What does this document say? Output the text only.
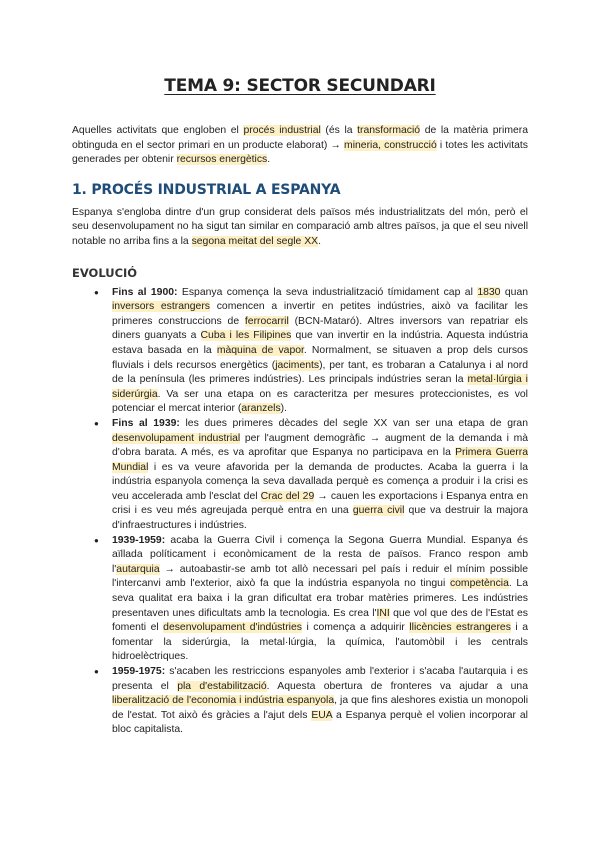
TEMA 9: SECTOR SECUNDARI

Aquelles activitats que engloben el procés industrial (és la transformació de la matèria primera obtinguda en el sector primari en un producte elaborat) → mineria, construcció i totes les activitats generades per obtenir recursos energètics.

1. PROCÉS INDUSTRIAL A ESPANYA

Espanya s'engloba dintre d'un grup considerat dels països més industrialitzats del món, però el seu desenvolupament no ha sigut tan similar en comparació amb altres països, ja que el seu nivell notable no arriba fins a la segona meitat del segle XX.

EVOLUCIÓ
● Fins al 1900: Espanya comença la seva industrialització tímidament cap al 1830 quan inversors estrangers comencen a invertir en petites indústries, això va facilitar les primeres construccions de ferrocarril (BCN-Mataró). Altres inversors van repatriar els diners guanyats a Cuba i les Filipines que van invertir en la indústria. Aquesta indústria estava basada en la màquina de vapor. Normalment, se situaven a prop dels cursos fluvials i dels recursos energètics (jaciments), per tant, es trobaran a Catalunya i al nord de la península (les primeres indústries). Les principals indústries seran la metal·lúrgia i siderúrgia. Va ser una etapa on es caracteritza per mesures proteccionistes, es vol potenciar el mercat interior (aranzels).
● Fins al 1939: les dues primeres dècades del segle XX van ser una etapa de gran desenvolupament industrial per l'augment demogràfic → augment de la demanda i mà d'obra barata. A més, es va aprofitar que Espanya no participava en la Primera Guerra Mundial i es va veure afavorida per la demanda de productes. Acaba la guerra i la indústria espanyola comença la seva davallada perquè es comença a produir i la crisi es veu accelerada amb l'esclat del Crac del 29 → cauen les exportacions i Espanya entra en crisi i es veu més agreujada perquè entra en una guerra civil que va destruir la majora d'infraestructures i indústries.
● 1939-1959: acaba la Guerra Civil i comença la Segona Guerra Mundial. Espanya és aïllada políticament i econòmicament de la resta de països. Franco respon amb l'autarquia → autoabastir-se amb tot allò necessari pel país i reduir el mínim possible l'intercanvi amb l'exterior, això fa que la indústria espanyola no tingui competència. La seva qualitat era baixa i la gran dificultat era trobar matèries primeres. Les indústries presentaven unes dificultats amb la tecnologia. Es crea l'INI que vol que des de l'Estat es fomenti el desenvolupament d'indústries i comença a adquirir llicències estrangeres i a fomentar la siderúrgia, la metal·lúrgia, la química, l'automòbil i les centrals hidroelèctriques.
● 1959-1975: s'acaben les restriccions espanyoles amb l'exterior i s'acaba l'autarquia i es presenta el pla d'estabilització. Aquesta obertura de fronteres va ajudar a una liberalització de l'economia i indústria espanyola, ja que fins aleshores existia un monopoli de l'estat. Tot això és gràcies a l'ajut dels EUA a Espanya perquè el volien incorporar al bloc capitalista.
